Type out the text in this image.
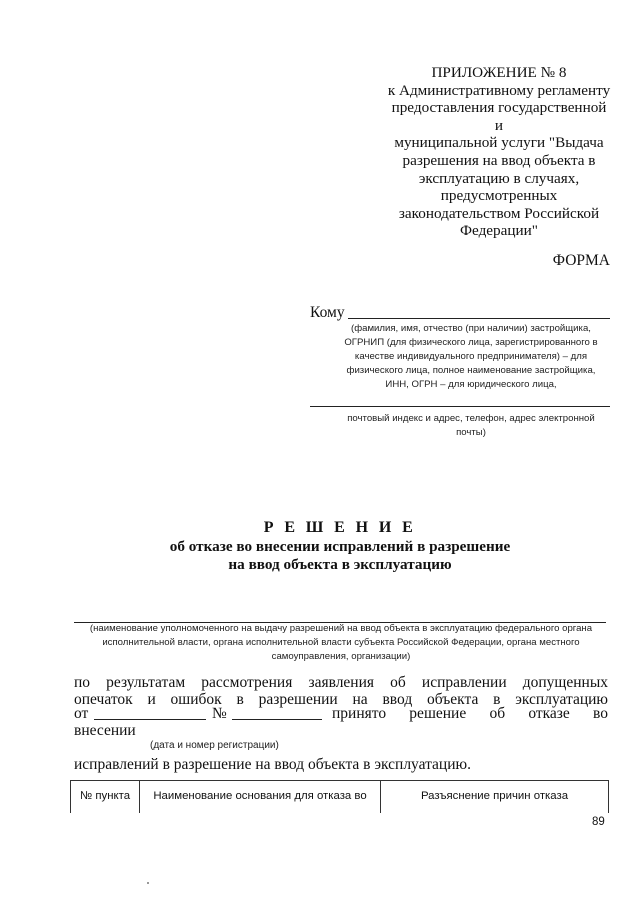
ПРИЛОЖЕНИЕ № 8
к Административному регламенту
предоставления государственной и
муниципальной услуги "Выдача
разрешения на ввод объекта в
эксплуатацию в случаях,
предусмотренных
законодательством Российской
Федерации"
ФОРМА
Кому
(фамилия, имя, отчество (при наличии) застройщика,
ОГРНИП (для физического лица, зарегистрированного в
качестве индивидуального предпринимателя) – для
физического лица, полное наименование застройщика,
ИНН, ОГРН – для юридического лица,
почтовый индекс и адрес, телефон, адрес электронной
почты)
Р Е Ш Е Н И Е
об отказе во внесении исправлений в разрешение
на ввод объекта в эксплуатацию
(наименование уполномоченного на выдачу разрешений на ввод объекта в эксплуатацию федерального органа
исполнительной власти, органа исполнительной власти субъекта Российской Федерации, органа местного
самоуправления, организации)
по результатам рассмотрения заявления об исправлении допущенных
опечаток и ошибок в разрешении на ввод объекта в эксплуатацию
от	№	принято решение об отказе во
внесении
(дата и номер регистрации)
исправлений в разрешение на ввод объекта в эксплуатацию.
№ пункта	Наименование основания для отказа во	Разъяснение причин отказа
89
